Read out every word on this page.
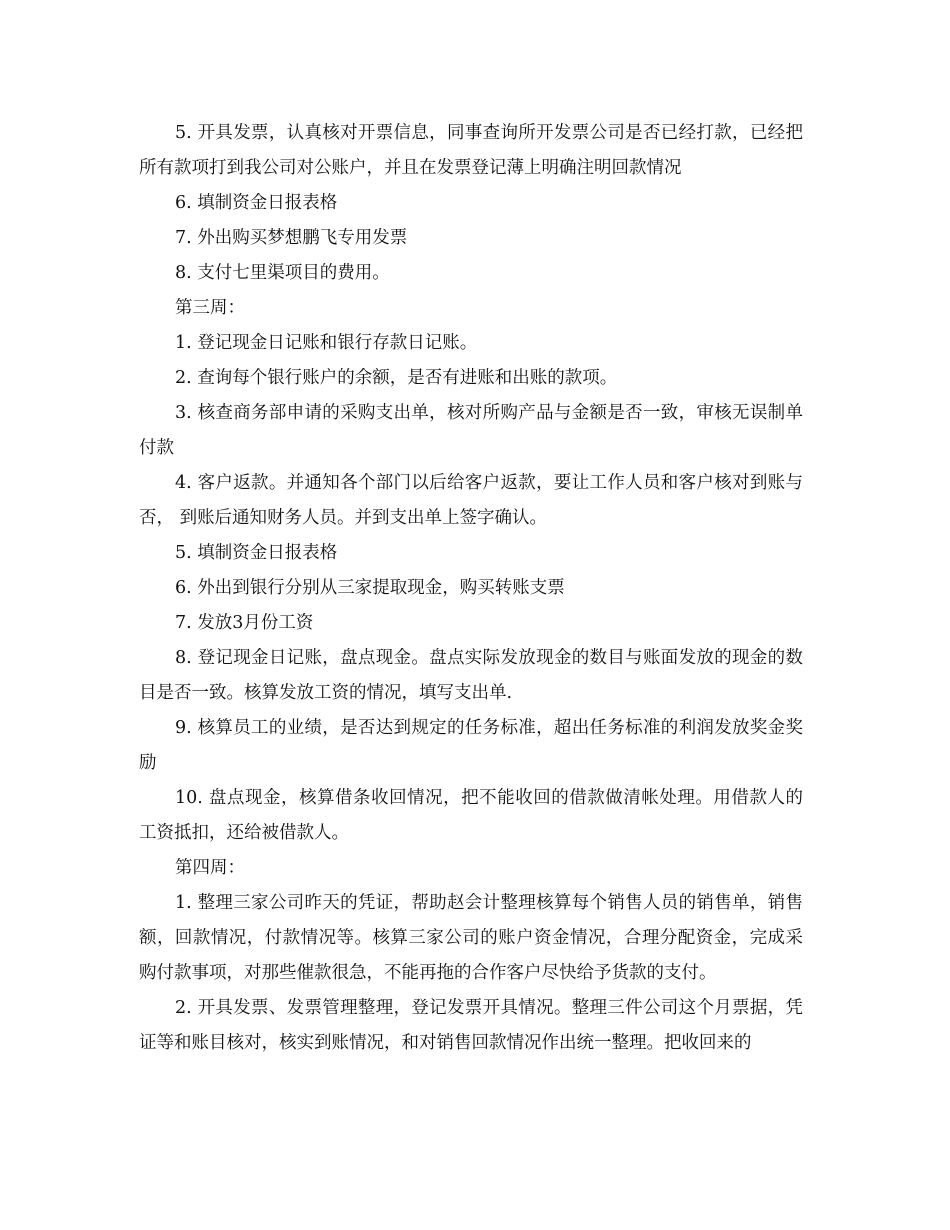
5. 开具发票，认真核对开票信息，同事查询所开发票公司是否已经打款，已经把所有款项打到我公司对公账户，并且在发票登记薄上明确注明回款情况

6. 填制资金日报表格

7. 外出购买梦想鹏飞专用发票

8. 支付七里渠项目的费用。

第三周：

1. 登记现金日记账和银行存款日记账。

2. 查询每个银行账户的余额，是否有进账和出账的款项。

3. 核查商务部申请的采购支出单，核对所购产品与金额是否一致，审核无误制单付款

4. 客户返款。并通知各个部门以后给客户返款，要让工作人员和客户核对到账与否， 到账后通知财务人员。并到支出单上签字确认。

5. 填制资金日报表格

6. 外出到银行分别从三家提取现金，购买转账支票

7. 发放3月份工资

8. 登记现金日记账，盘点现金。盘点实际发放现金的数目与账面发放的现金的数目是否一致。核算发放工资的情况，填写支出单.

9. 核算员工的业绩，是否达到规定的任务标准，超出任务标准的利润发放奖金奖励

10. 盘点现金，核算借条收回情况，把不能收回的借款做清帐处理。用借款人的工资抵扣，还给被借款人。

第四周：

1. 整理三家公司昨天的凭证，帮助赵会计整理核算每个销售人员的销售单，销售额，回款情况，付款情况等。核算三家公司的账户资金情况，合理分配资金，完成采购付款事项，对那些催款很急，不能再拖的合作客户尽快给予货款的支付。

2. 开具发票、发票管理整理，登记发票开具情况。整理三件公司这个月票据，凭证等和账目核对，核实到账情况，和对销售回款情况作出统一整理。把收回来的
